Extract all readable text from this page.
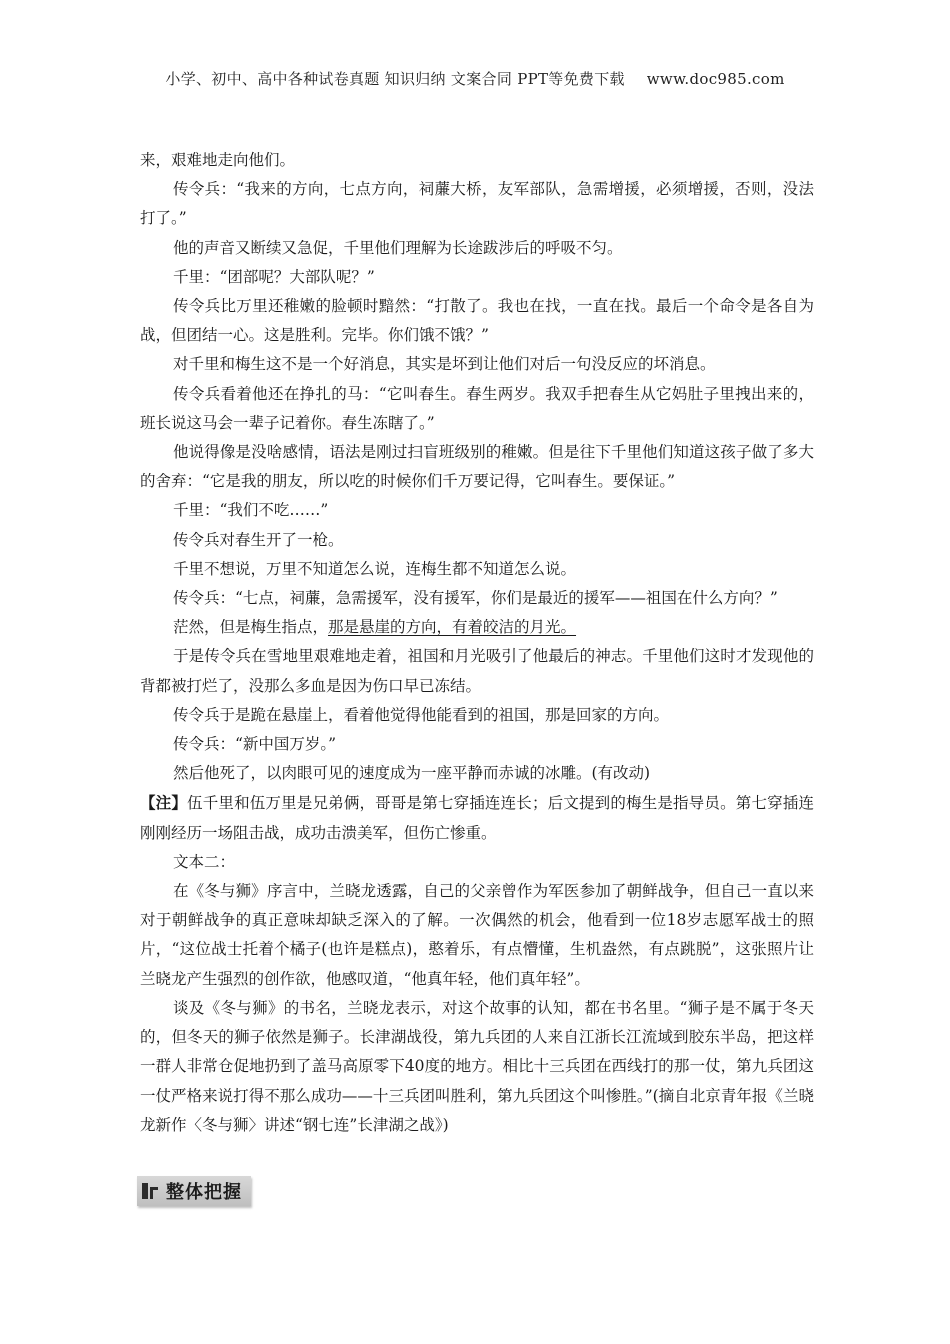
小学、初中、高中各种试卷真题 知识归纳 文案合同 PPT等免费下载 www.doc985.com

来，艰难地走向他们。

传令兵：“我来的方向，七点方向，祠薕大桥，友军部队，急需增援，必须增援，否则，没法打了。”

他的声音又断续又急促，千里他们理解为长途跋涉后的呼吸不匀。

千里：“团部呢？大部队呢？”

传令兵比万里还稚嫩的脸顿时黯然：“打散了。我也在找，一直在找。最后一个命令是各自为战，但团结一心。这是胜利。完毕。你们饿不饿？”

对千里和梅生这不是一个好消息，其实是坏到让他们对后一句没反应的坏消息。

传令兵看着他还在挣扎的马：“它叫春生。春生两岁。我双手把春生从它妈肚子里拽出来的，班长说这马会一辈子记着你。春生冻瞎了。”

他说得像是没啥感情，语法是刚过扫盲班级别的稚嫩。但是往下千里他们知道这孩子做了多大的舍弃：“它是我的朋友，所以吃的时候你们千万要记得，它叫春生。要保证。”

千里：“我们不吃……”

传令兵对春生开了一枪。

千里不想说，万里不知道怎么说，连梅生都不知道怎么说。

传令兵：“七点，祠薕，急需援军，没有援军，你们是最近的援军——祖国在什么方向？”

茫然，但是梅生指点，那是悬崖的方向，有着皎洁的月光。

于是传令兵在雪地里艰难地走着，祖国和月光吸引了他最后的神志。千里他们这时才发现他的背都被打烂了，没那么多血是因为伤口早已冻结。

传令兵于是跪在悬崖上，看着他觉得他能看到的祖国，那是回家的方向。

传令兵：“新中国万岁。”

然后他死了，以肉眼可见的速度成为一座平静而赤诚的冰雕。(有改动)

【注】伍千里和伍万里是兄弟俩，哥哥是第七穿插连连长；后文提到的梅生是指导员。第七穿插连刚刚经历一场阻击战，成功击溃美军，但伤亡惨重。

文本二：

在《冬与狮》序言中，兰晓龙透露，自己的父亲曾作为军医参加了朝鲜战争，但自己一直以来对于朝鲜战争的真正意味却缺乏深入的了解。一次偶然的机会，他看到一位18岁志愿军战士的照片，“这位战士托着个橘子(也许是糕点)，憨着乐，有点懵懂，生机盎然，有点跳脱”，这张照片让兰晓龙产生强烈的创作欲，他感叹道，“他真年轻，他们真年轻”。

谈及《冬与狮》的书名，兰晓龙表示，对这个故事的认知，都在书名里。“狮子是不属于冬天的，但冬天的狮子依然是狮子。长津湖战役，第九兵团的人来自江浙长江流域到胶东半岛，把这样一群人非常仓促地扔到了盖马高原零下40度的地方。相比十三兵团在西线打的那一仗，第九兵团这一仗严格来说打得不那么成功——十三兵团叫胜利，第九兵团这个叫惨胜。”(摘自北京青年报《兰晓龙新作〈冬与狮〉讲述“钢七连”长津湖之战》)

整体把握
